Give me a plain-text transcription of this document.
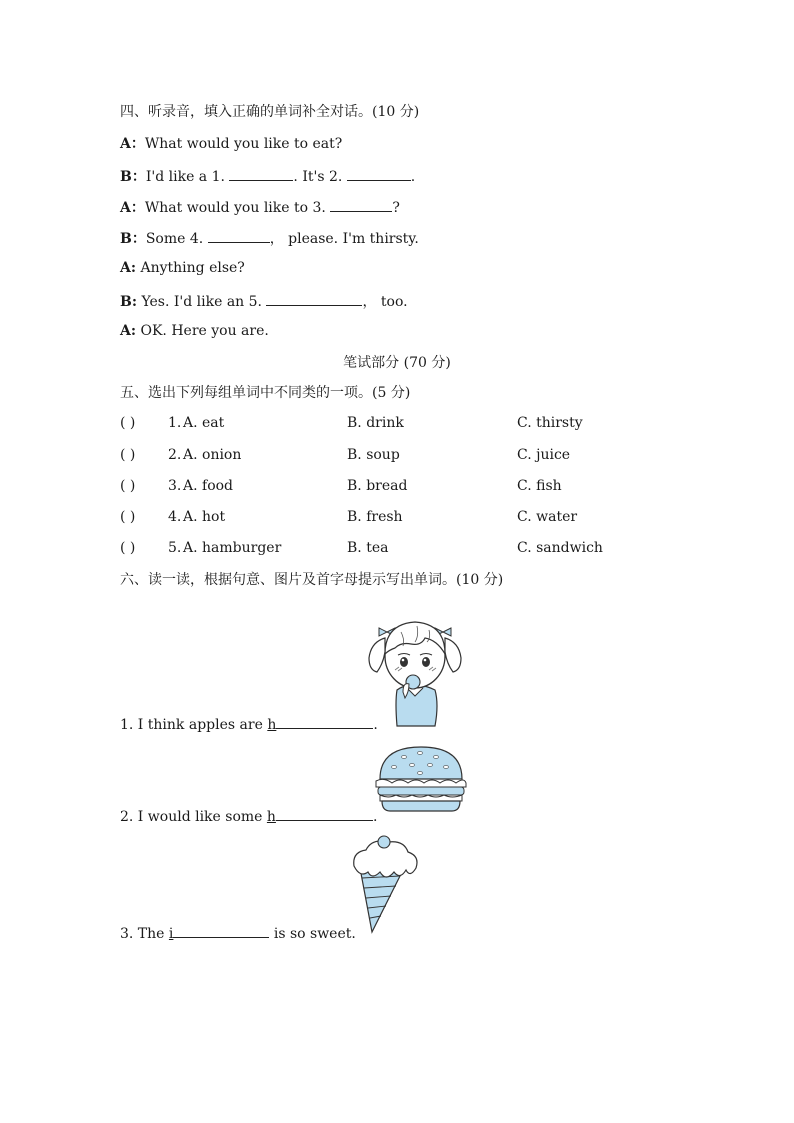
四、听录音，填入正确的单词补全对话。(10 分)
A：What would you like to eat?
B：I'd like a 1.	. It's 2.	.
A：What would you like to 3.	?
B：Some 4.	， please. I'm thirsty.
A: Anything else?
B: Yes. I'd like an 5.	， too.
A: OK. Here you are.
笔试部分 (70 分)
五、选出下列每组单词中不同类的一项。(5 分)
( ) 1. A. eat	B. drink	C. thirsty
( ) 2. A. onion	B. soup	C. juice
( ) 3. A. food	B. bread	C. fish
( ) 4. A. hot	B. fresh	C. water
( ) 5. A. hamburger	B. tea	C. sandwich
六、读一读，根据句意、图片及首字母提示写出单词。(10 分)
1. I think apples are h	.
2. I would like some h	.
3. The i	is so sweet.
